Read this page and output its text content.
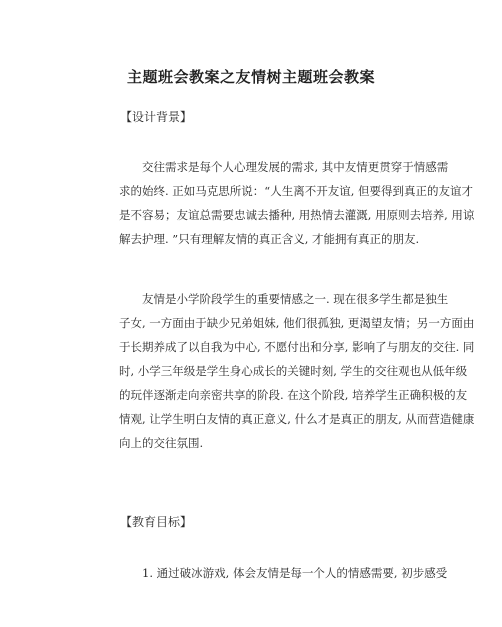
主题班会教案之友情树主题班会教案
【设计背景】
交往需求是每个人心理发展的需求, 其中友情更贯穿于情感需
求的始终. 正如马克思所说：“人生离不开友谊, 但要得到真正的友谊才
是不容易；友谊总需要忠诚去播种, 用热情去灌溉, 用原则去培养, 用谅
解去护理. ”只有理解友情的真正含义, 才能拥有真正的朋友.
友情是小学阶段学生的重要情感之一. 现在很多学生都是独生
子女, 一方面由于缺少兄弟姐妹, 他们很孤独, 更渴望友情；另一方面由
于长期养成了以自我为中心, 不愿付出和分享, 影响了与朋友的交往. 同
时, 小学三年级是学生身心成长的关键时刻, 学生的交往观也从低年级
的玩伴逐渐走向亲密共享的阶段. 在这个阶段, 培养学生正确积极的友
情观, 让学生明白友情的真正意义, 什么才是真正的朋友, 从而营造健康
向上的交往氛围.
【教育目标】
1. 通过破冰游戏, 体会友情是每一个人的情感需要, 初步感受
